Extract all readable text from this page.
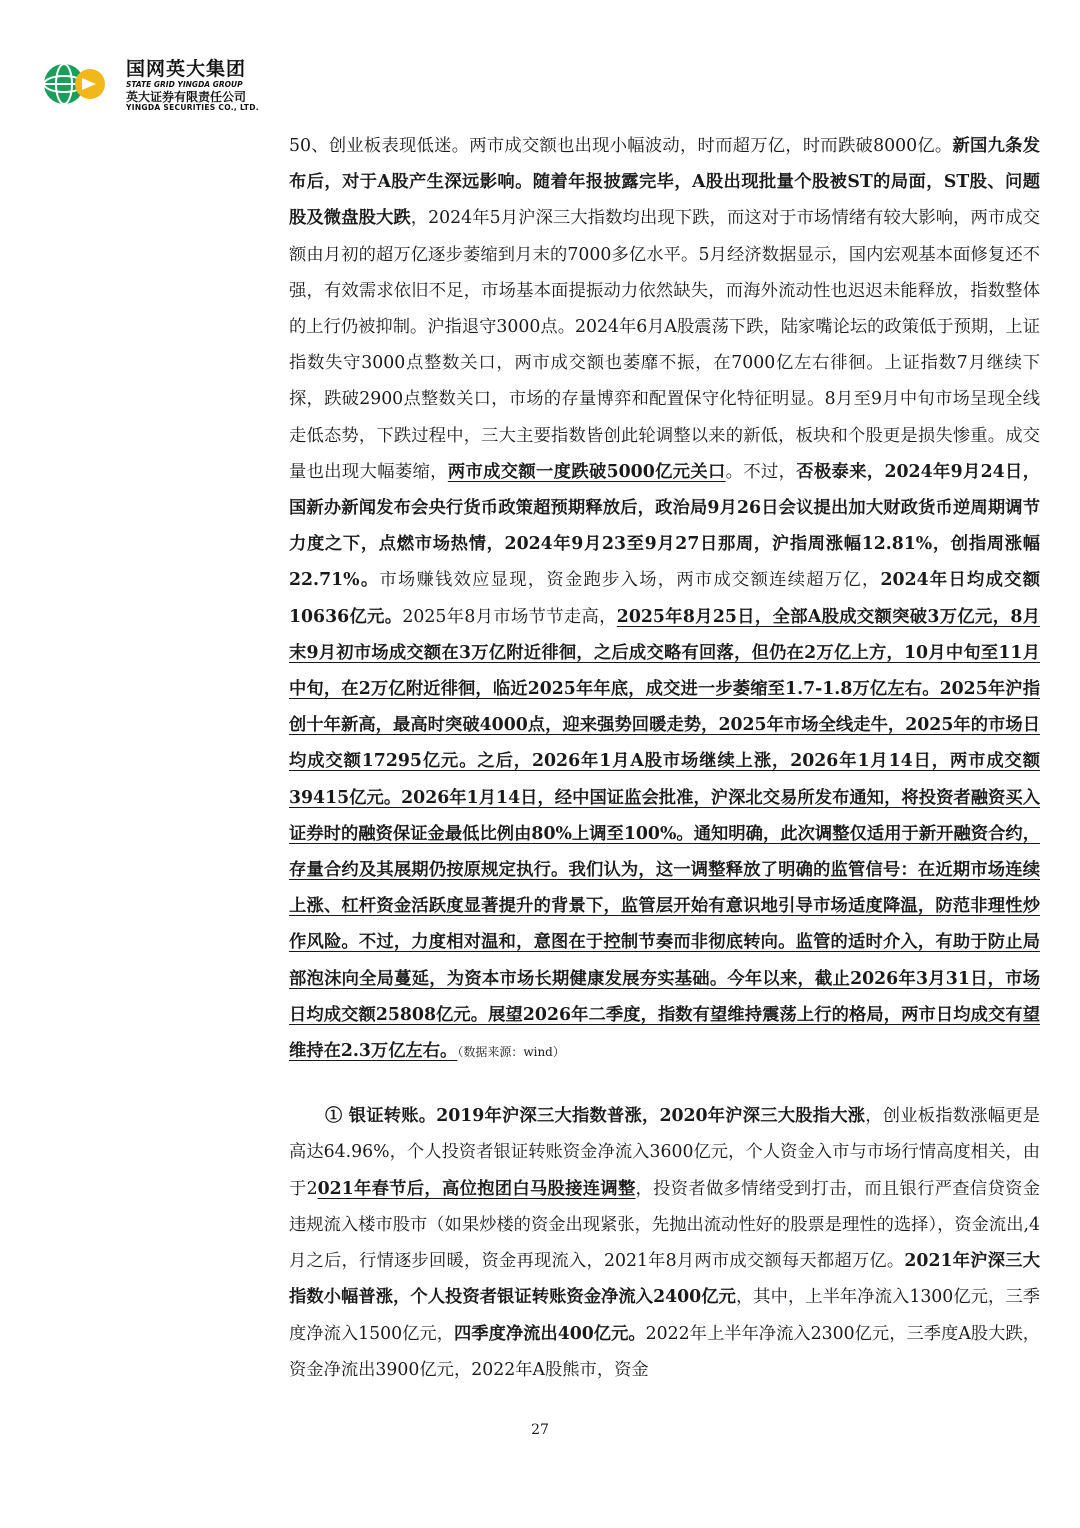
国网英大集团
STATE GRID YINGDA GROUP
英大证券有限责任公司
YINGDA SECURITIES CO., LTD.

50、创业板表现低迷。两市成交额也出现小幅波动，时而超万亿，时而跌破8000亿。新国九条发布后，对于A股产生深远影响。随着年报披露完毕，A股出现批量个股被ST的局面，ST股、问题股及微盘股大跌，2024年5月沪深三大指数均出现下跌，而这对于市场情绪有较大影响，两市成交额由月初的超万亿逐步萎缩到月末的7000多亿水平。5月经济数据显示，国内宏观基本面修复还不强，有效需求依旧不足，市场基本面提振动力依然缺失，而海外流动性也迟迟未能释放，指数整体的上行仍被抑制。沪指退守3000点。2024年6月A股震荡下跌，陆家嘴论坛的政策低于预期，上证指数失守3000点整数关口，两市成交额也萎靡不振，在7000亿左右徘徊。上证指数7月继续下探，跌破2900点整数关口，市场的存量博弈和配置保守化特征明显。8月至9月中旬市场呈现全线走低态势，下跌过程中，三大主要指数皆创此轮调整以来的新低，板块和个股更是损失惨重。成交量也出现大幅萎缩，两市成交额一度跌破5000亿元关口。不过，否极泰来，2024年9月24日，国新办新闻发布会央行货币政策超预期释放后，政治局9月26日会议提出加大财政货币逆周期调节力度之下，点燃市场热情，2024年9月23至9月27日那周，沪指周涨幅12.81%，创指周涨幅22.71%。市场赚钱效应显现，资金跑步入场，两市成交额连续超万亿，2024年日均成交额10636亿元。2025年8月市场节节走高，2025年8月25日，全部A股成交额突破3万亿元，8月末9月初市场成交额在3万亿附近徘徊，之后成交略有回落，但仍在2万亿上方，10月中旬至11月中旬，在2万亿附近徘徊，临近2025年年底，成交进一步萎缩至1.7-1.8万亿左右。2025年沪指创十年新高，最高时突破4000点，迎来强势回暖走势，2025年市场全线走牛，2025年的市场日均成交额17295亿元。之后，2026年1月A股市场继续上涨，2026年1月14日，两市成交额39415亿元。2026年1月14日，经中国证监会批准，沪深北交易所发布通知，将投资者融资买入证券时的融资保证金最低比例由80%上调至100%。通知明确，此次调整仅适用于新开融资合约，存量合约及其展期仍按原规定执行。我们认为，这一调整释放了明确的监管信号：在近期市场连续上涨、杠杆资金活跃度显著提升的背景下，监管层开始有意识地引导市场适度降温，防范非理性炒作风险。不过，力度相对温和，意图在于控制节奏而非彻底转向。监管的适时介入，有助于防止局部泡沫向全局蔓延，为资本市场长期健康发展夯实基础。今年以来，截止2026年3月31日，市场日均成交额25808亿元。展望2026年二季度，指数有望维持震荡上行的格局，两市日均成交有望维持在2.3万亿左右。（数据来源：wind）

① 银证转账。2019年沪深三大指数普涨，2020年沪深三大股指大涨，创业板指数涨幅更是高达64.96%，个人投资者银证转账资金净流入3600亿元，个人资金入市与市场行情高度相关，由于2021年春节后，高位抱团白马股接连调整，投资者做多情绪受到打击，而且银行严查信贷资金违规流入楼市股市（如果炒楼的资金出现紧张，先抛出流动性好的股票是理性的选择），资金流出,4月之后，行情逐步回暖，资金再现流入，2021年8月两市成交额每天都超万亿。2021年沪深三大指数小幅普涨，个人投资者银证转账资金净流入2400亿元，其中，上半年净流入1300亿元，三季度净流入1500亿元，四季度净流出400亿元。2022年上半年净流入2300亿元，三季度A股大跌，资金净流出3900亿元，2022年A股熊市，资金

27
